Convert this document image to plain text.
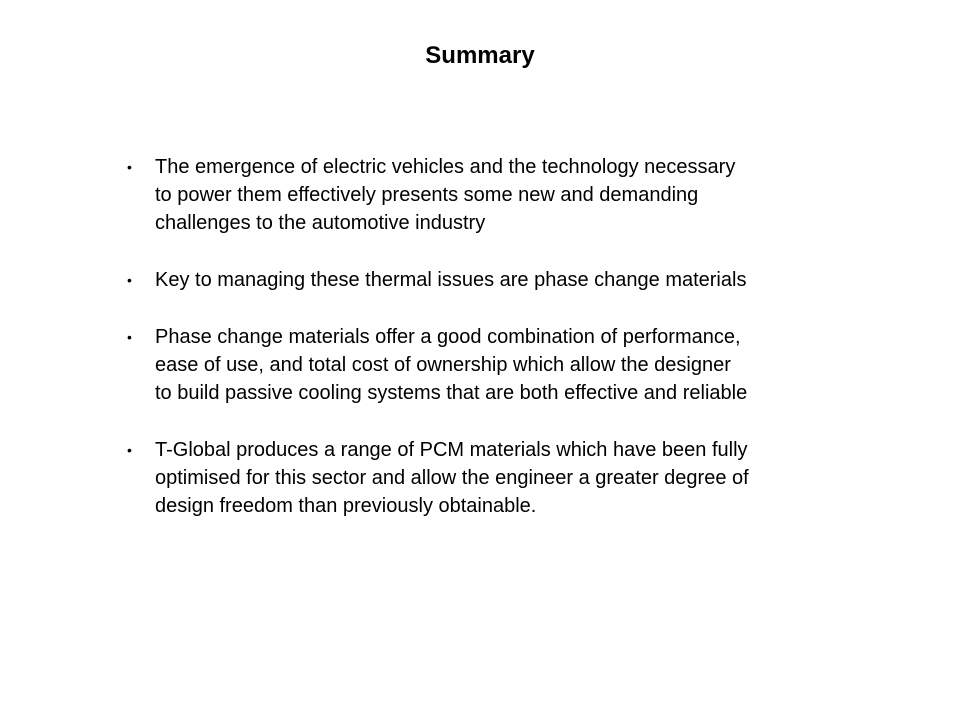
Summary
• The emergence of electric vehicles and the technology necessary
to power them effectively presents some new and demanding
challenges to the automotive industry
• Key to managing these thermal issues are phase change materials
• Phase change materials offer a good combination of performance,
ease of use, and total cost of ownership which allow the designer
to build passive cooling systems that are both effective and reliable
• T-Global produces a range of PCM materials which have been fully
optimised for this sector and allow the engineer a greater degree of
design freedom than previously obtainable.
